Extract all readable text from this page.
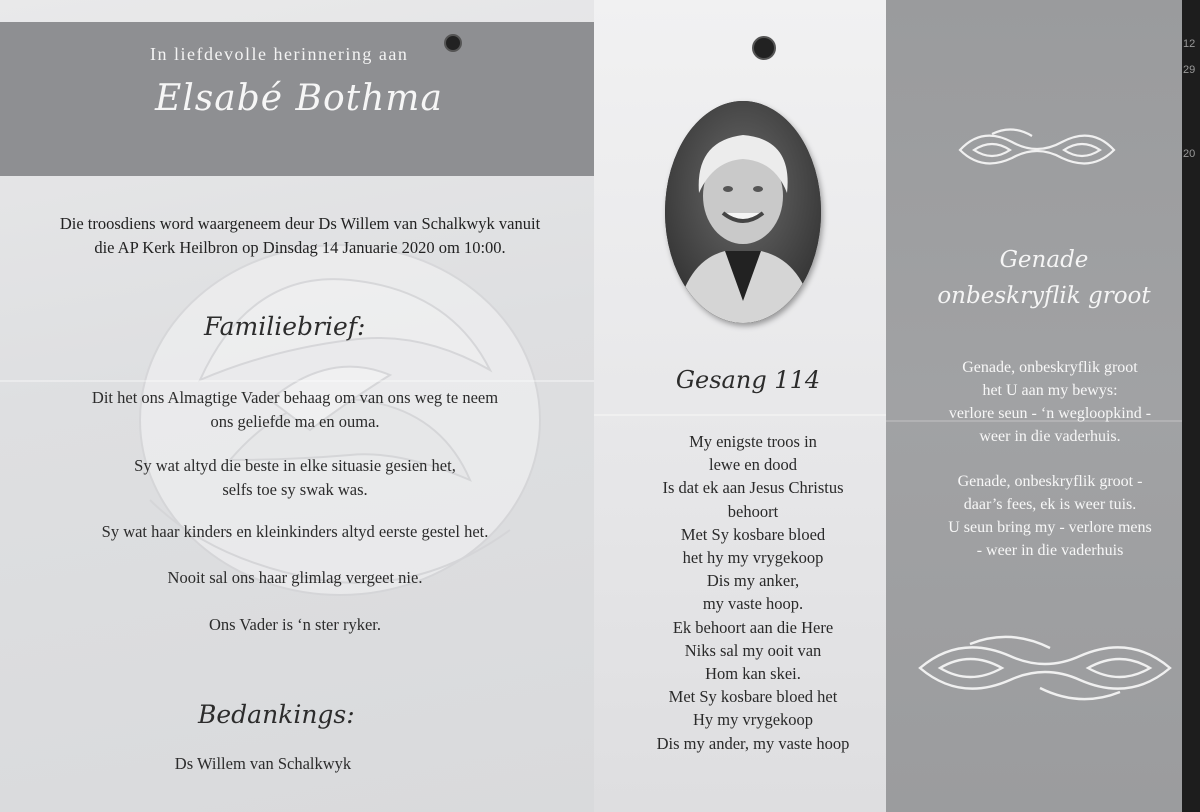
In liefdevolle herinnering aan
Elsabé Bothma
Die troosdiens word waargeneem deur Ds Willem van Schalkwyk vanuit
die AP Kerk Heilbron op Dinsdag 14 Januarie 2020 om 10:00.
Familiebrief:
Dit het ons Almagtige Vader behaag om van ons weg te neem
ons geliefde ma en ouma.
Sy wat altyd die beste in elke situasie gesien het,
selfs toe sy swak was.
Sy wat haar kinders en kleinkinders altyd eerste gestel het.
Nooit sal ons haar glimlag vergeet nie.
Ons Vader is ‘n ster ryker.
Bedankings:
Ds Willem van Schalkwyk
Gesang 114
My enigste troos in
lewe en dood
Is dat ek aan Jesus Christus
behoort
Met Sy kosbare bloed
het hy my vrygekoop
Dis my anker,
my vaste hoop.
Ek behoort aan die Here
Niks sal my ooit van
Hom kan skei.
Met Sy kosbare bloed het
Hy my vrygekoop
Dis my ander, my vaste hoop
Genade
onbeskryflik groot
Genade, onbeskryflik groot
het U aan my bewys:
verlore seun - ‘n wegloopkind -
weer in die vaderhuis.
Genade, onbeskryflik groot -
daar’s fees, ek is weer tuis.
U seun bring my - verlore mens
- weer in die vaderhuis
12
29
20
